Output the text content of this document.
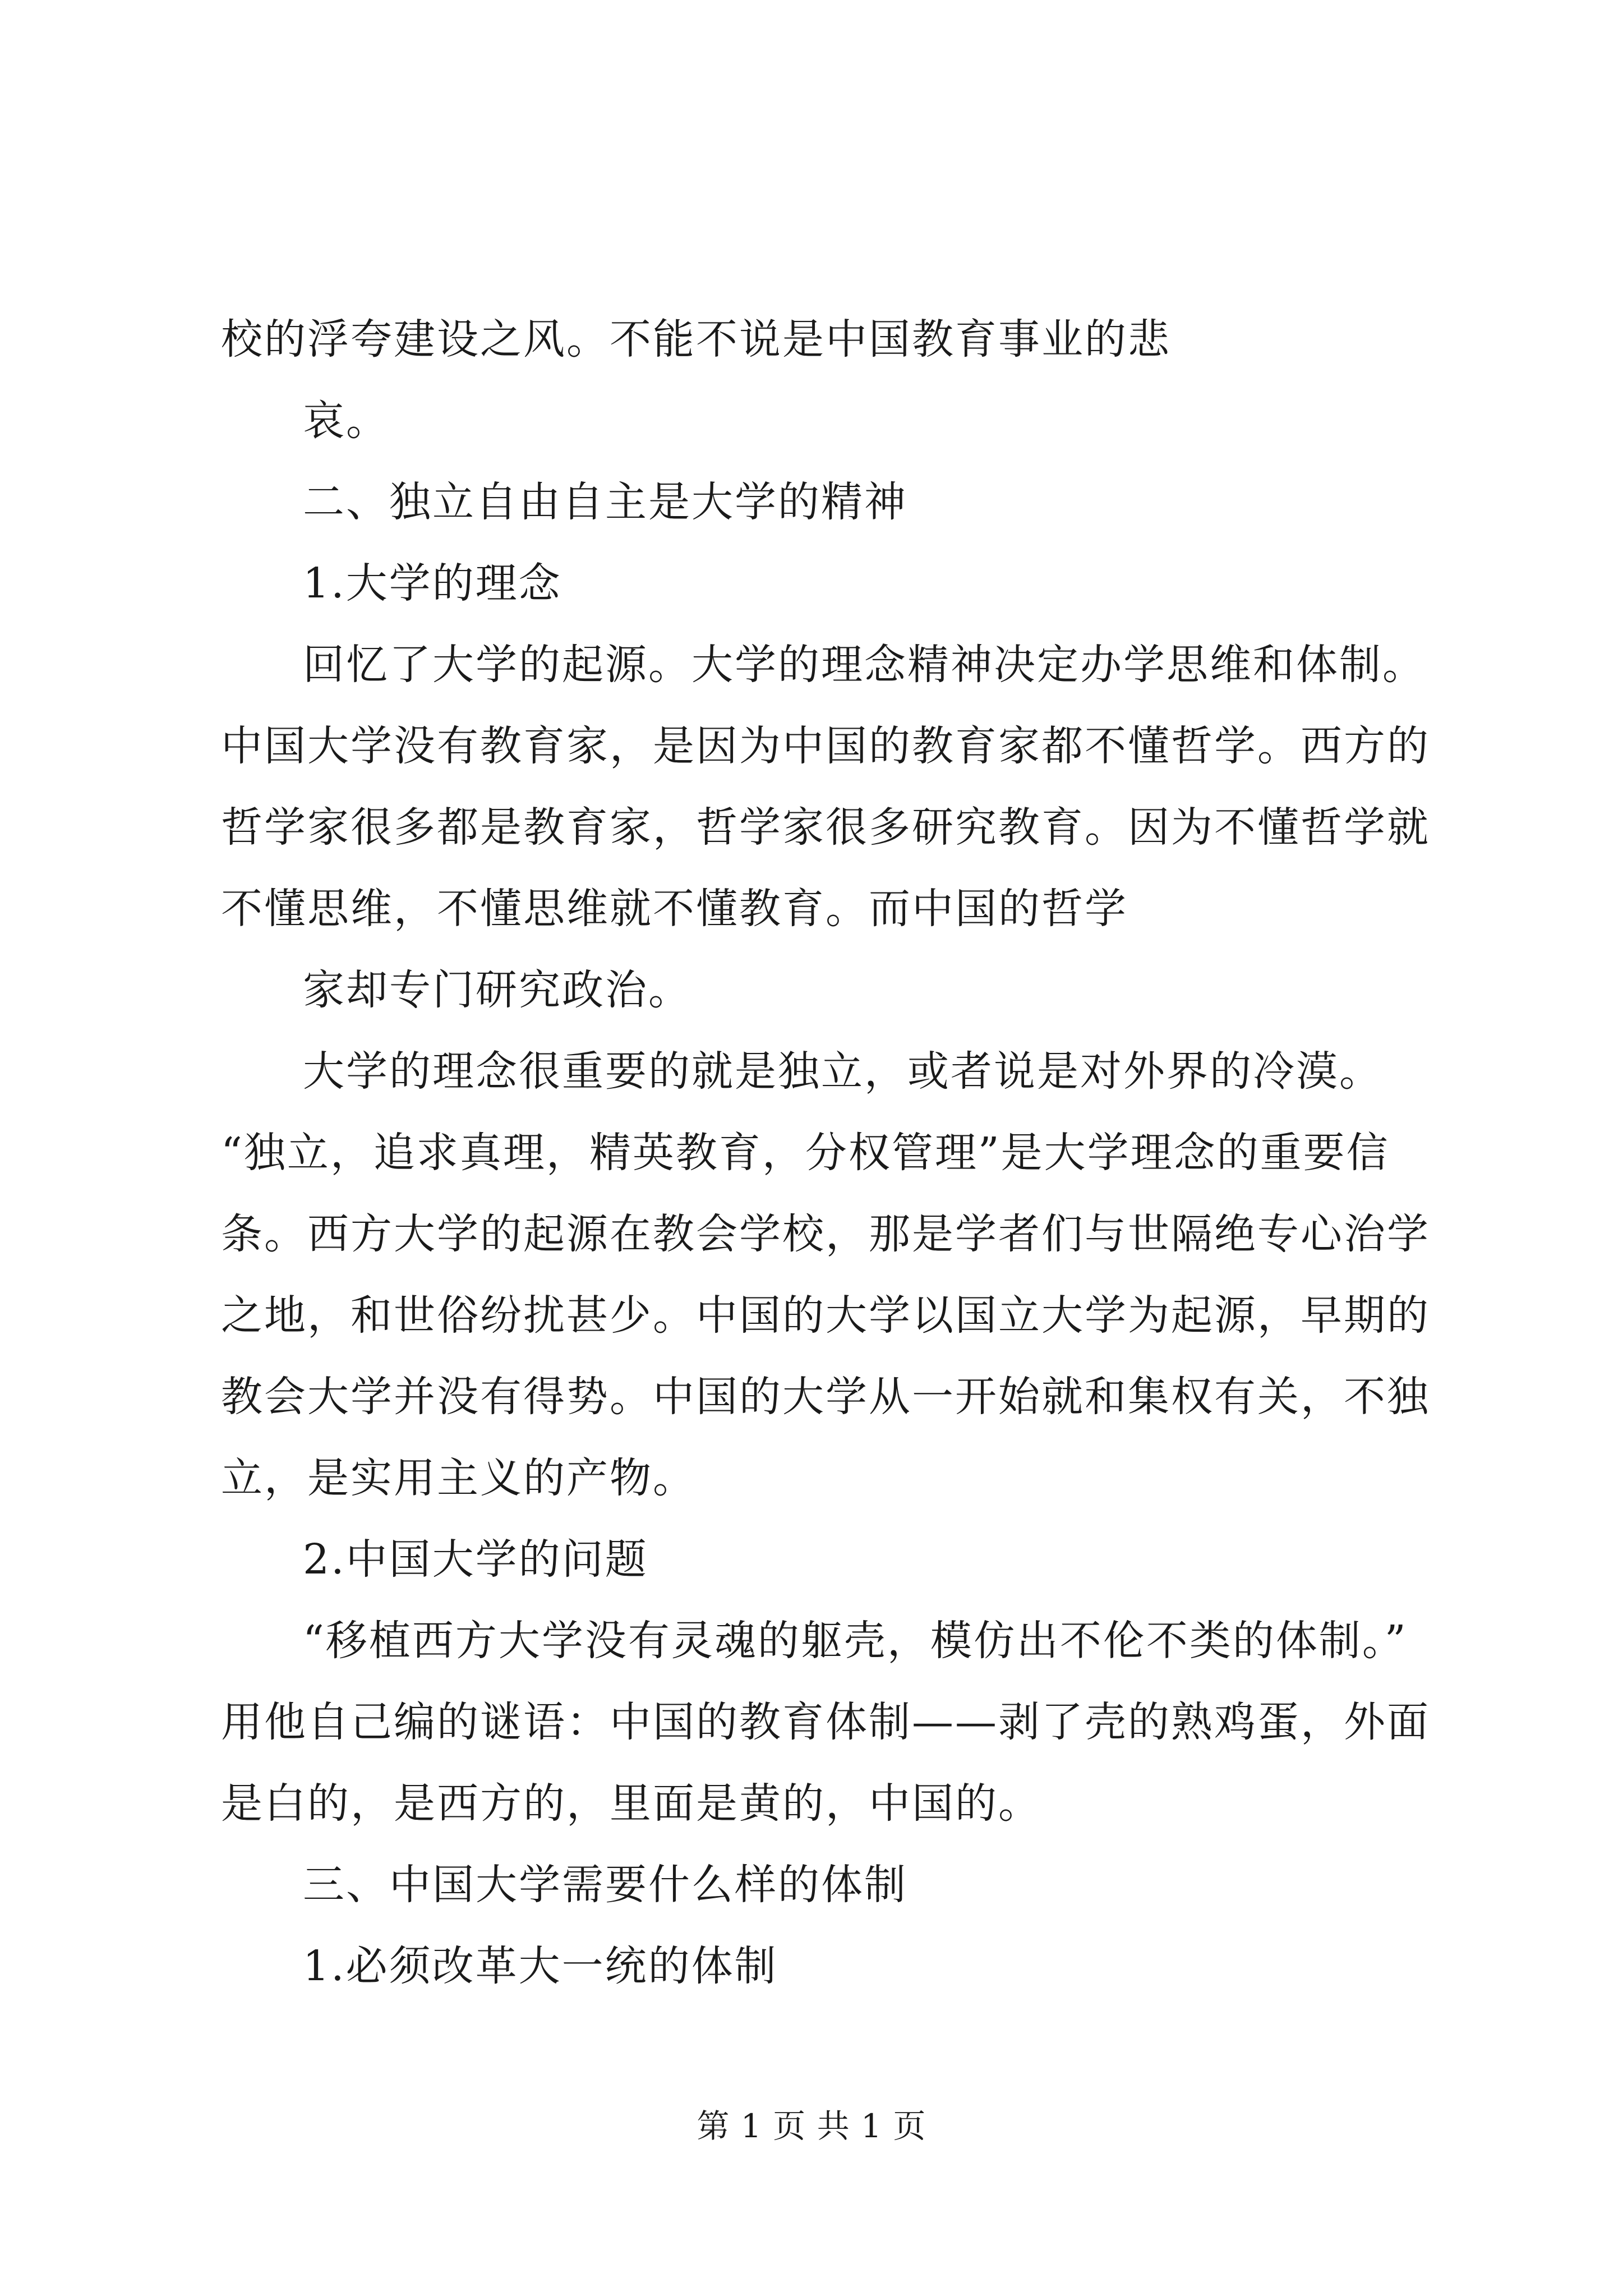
校的浮夸建设之风。不能不说是中国教育事业的悲
哀。
二、独立自由自主是大学的精神
1.大学的理念
回忆了大学的起源。大学的理念精神决定办学思维和体制。
中国大学没有教育家，是因为中国的教育家都不懂哲学。西方的
哲学家很多都是教育家，哲学家很多研究教育。因为不懂哲学就
不懂思维，不懂思维就不懂教育。而中国的哲学
家却专门研究政治。
大学的理念很重要的就是独立，或者说是对外界的冷漠。
“独立，追求真理，精英教育，分权管理”是大学理念的重要信
条。西方大学的起源在教会学校，那是学者们与世隔绝专心治学
之地，和世俗纷扰甚少。中国的大学以国立大学为起源，早期的
教会大学并没有得势。中国的大学从一开始就和集权有关，不独
立，是实用主义的产物。
2.中国大学的问题
“移植西方大学没有灵魂的躯壳，模仿出不伦不类的体制。”
用他自己编的谜语：中国的教育体制——剥了壳的熟鸡蛋，外面
是白的，是西方的，里面是黄的，中国的。
三、中国大学需要什么样的体制
1.必须改革大一统的体制
第 1 页 共 1 页
